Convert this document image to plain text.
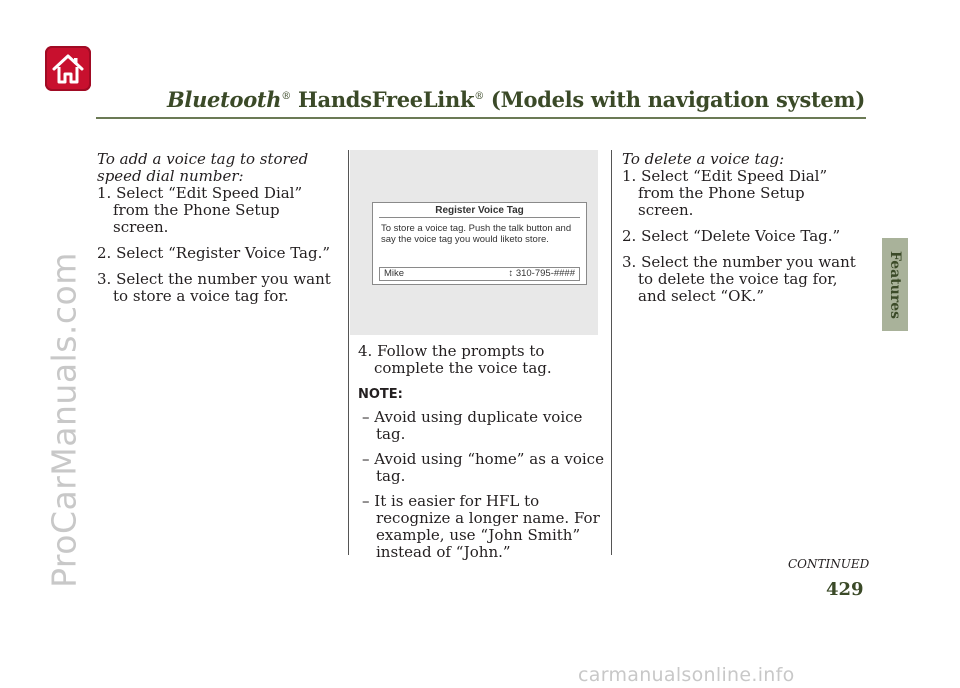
Bluetooth® HandsFreeLink® (Models with navigation system)
Features
ProCarManuals.com

To add a voice tag to stored speed dial number:

1. Select “Edit Speed Dial” from the Phone Setup screen.

2. Select “Register Voice Tag.”

3. Select the number you want to store a voice tag for.

Register Voice Tag
To store a voice tag. Push the talk button and say the voice tag you would liketo store.
Mike	↕ 310-795-####

4. Follow the prompts to complete the voice tag.

NOTE:

– Avoid using duplicate voice tag.

– Avoid using “home” as a voice tag.

– It is easier for HFL to recognize a longer name. For example, use “John Smith” instead of “John.”

To delete a voice tag:

1. Select “Edit Speed Dial” from the Phone Setup screen.

2. Select “Delete Voice Tag.”

3. Select the number you want to delete the voice tag for, and select “OK.”

CONTINUED
429
carmanualsonline.info
